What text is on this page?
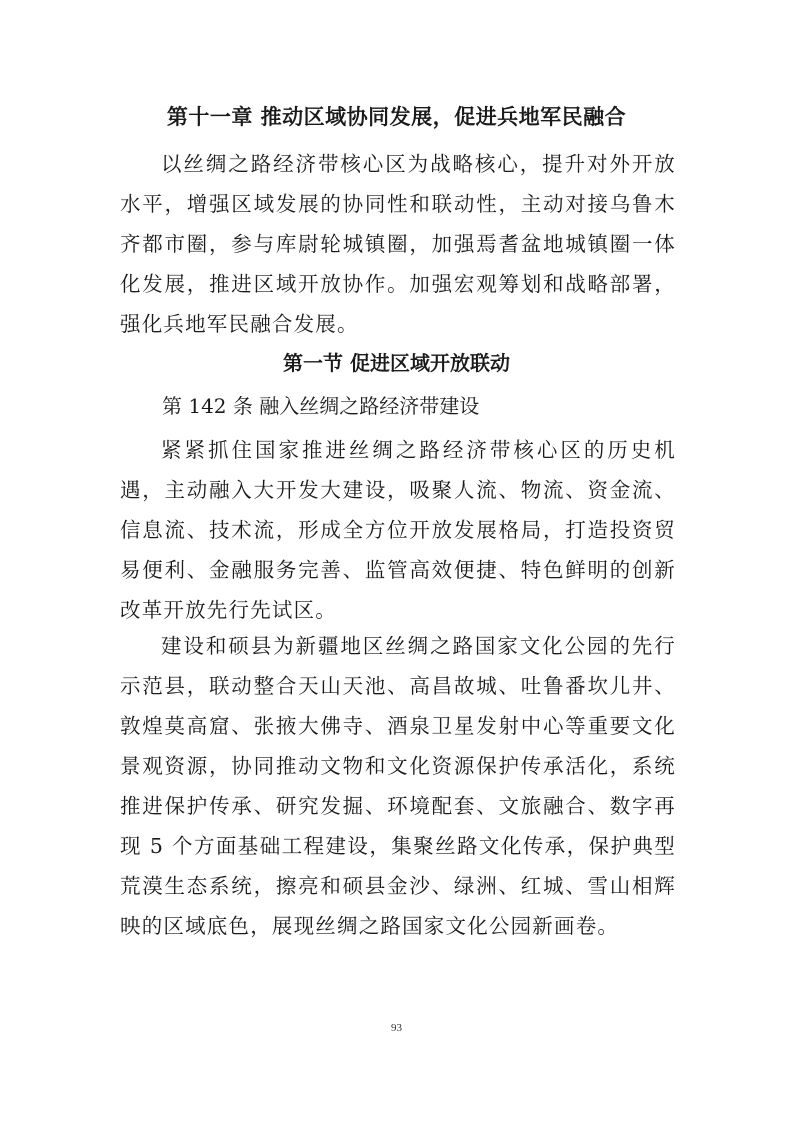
第十一章 推动区域协同发展，促进兵地军民融合

以丝绸之路经济带核心区为战略核心，提升对外开放水平，增强区域发展的协同性和联动性，主动对接乌鲁木齐都市圈，参与库尉轮城镇圈，加强焉耆盆地城镇圈一体化发展，推进区域开放协作。加强宏观筹划和战略部署，强化兵地军民融合发展。

第一节 促进区域开放联动
第 142 条 融入丝绸之路经济带建设

紧紧抓住国家推进丝绸之路经济带核心区的历史机遇，主动融入大开发大建设，吸聚人流、物流、资金流、信息流、技术流，形成全方位开放发展格局，打造投资贸易便利、金融服务完善、监管高效便捷、特色鲜明的创新改革开放先行先试区。

建设和硕县为新疆地区丝绸之路国家文化公园的先行示范县，联动整合天山天池、高昌故城、吐鲁番坎儿井、敦煌莫高窟、张掖大佛寺、酒泉卫星发射中心等重要文化景观资源，协同推动文物和文化资源保护传承活化，系统推进保护传承、研究发掘、环境配套、文旅融合、数字再现 5 个方面基础工程建设，集聚丝路文化传承，保护典型荒漠生态系统，擦亮和硕县金沙、绿洲、红城、雪山相辉映的区域底色，展现丝绸之路国家文化公园新画卷。

93
